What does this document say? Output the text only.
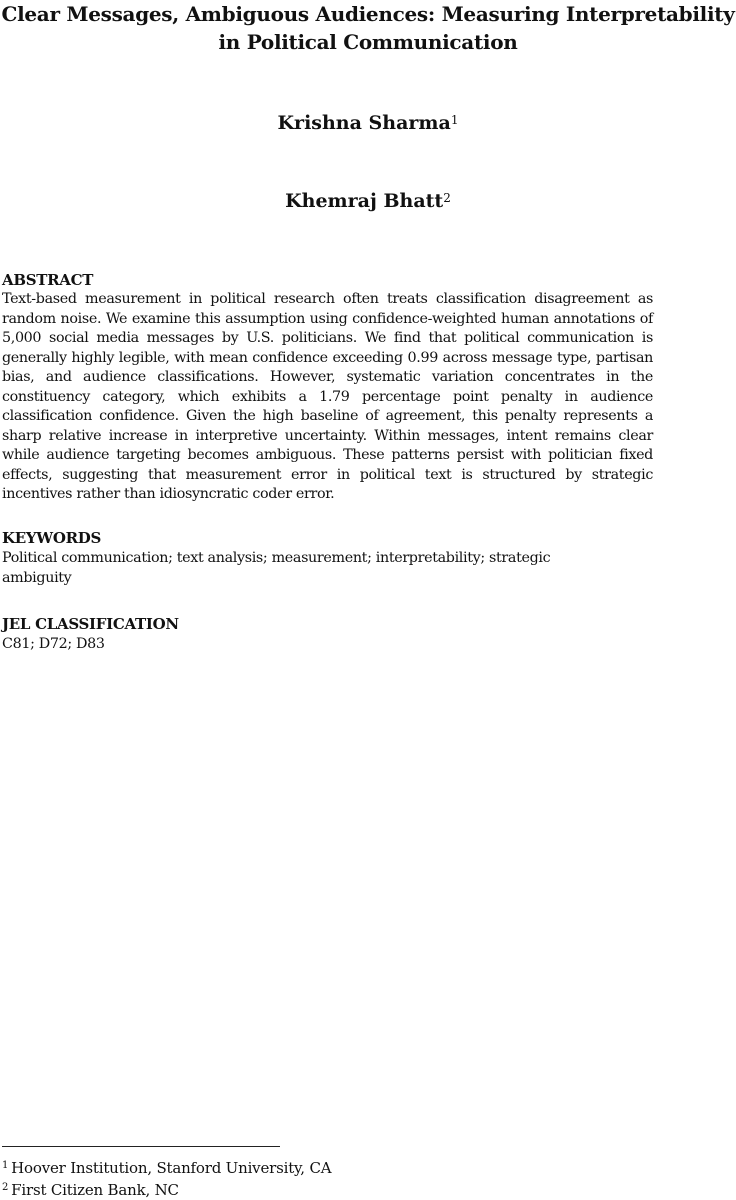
Clear Messages, Ambiguous Audiences: Measuring Interpretability in Political Communication
Krishna Sharma$^1$
Khemraj Bhatt$^2$
ABSTRACT
Text-based measurement in political research often treats classification disagreement as random noise. We examine this assumption using confidence-weighted human annotations of 5,000 social media messages by U.S. politicians. We find that political communication is generally highly legible, with mean confidence exceeding 0.99 across message type, partisan bias, and audience classifications. However, systematic variation concentrates in the constituency category, which exhibits a 1.79 percentage point penalty in audience classification confidence. Given the high baseline of agreement, this penalty represents a sharp relative increase in interpretive uncertainty. Within messages, intent remains clear while audience targeting becomes ambiguous. These patterns persist with politician fixed effects, suggesting that measurement error in political text is structured by strategic incentives rather than idiosyncratic coder error.
KEYWORDS
Political communication; text analysis; measurement; interpretability; strategic ambiguity
JEL CLASSIFICATION
C81; D72; D83
$^1$ Hoover Institution, Stanford University, CA
$^2$ First Citizen Bank, NC
